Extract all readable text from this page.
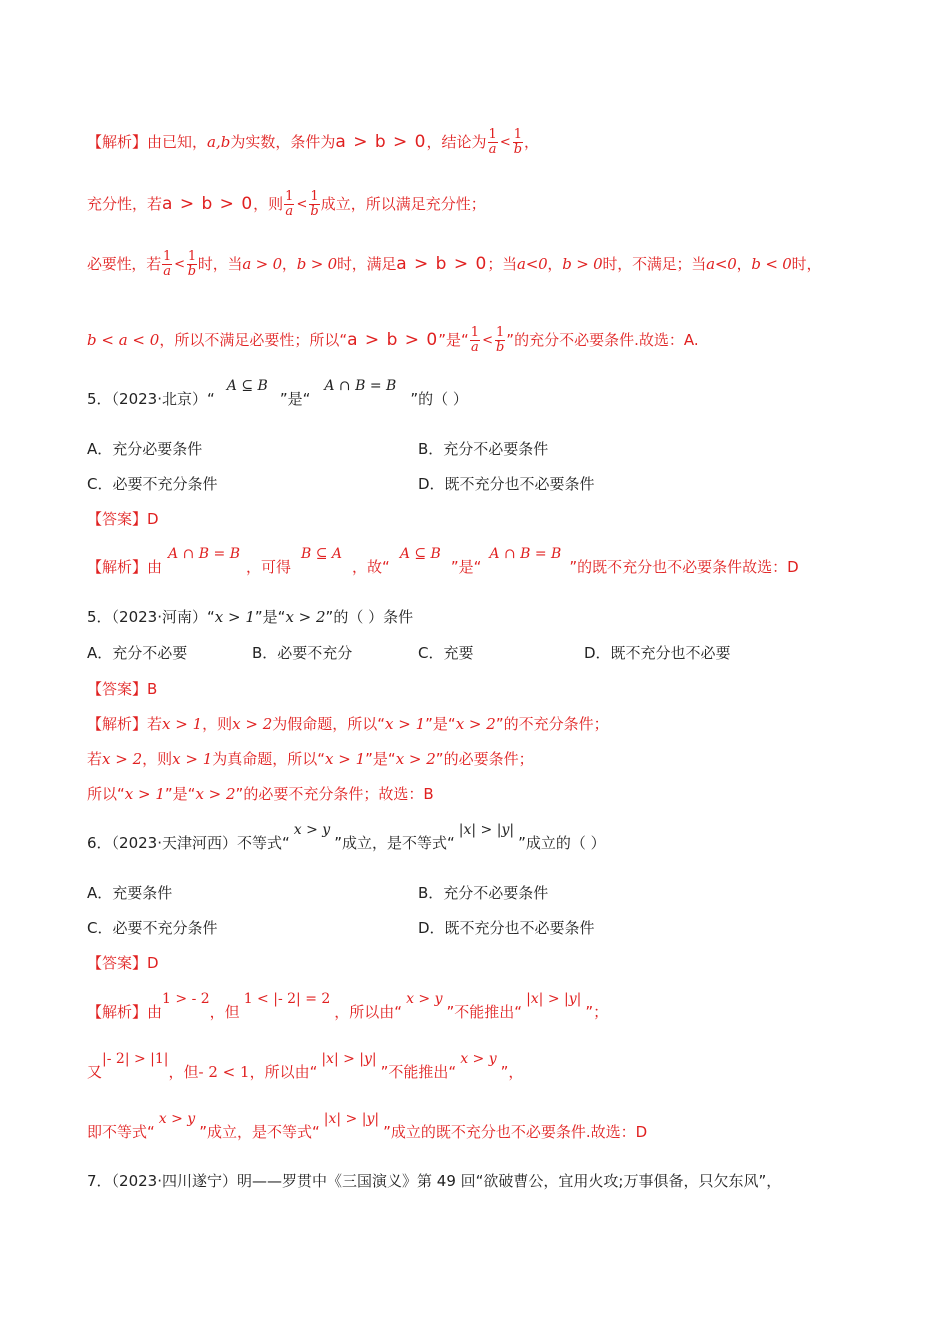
【解析】由已知，a,b为实数，条件为a > b > 0，结论为 $\frac{1}{a} < \frac{1}{b}$ ，
充分性，若a > b > 0，则 $\frac{1}{a} < \frac{1}{b}$ 成立，所以满足充分性；
必要性，若 $\frac{1}{a} < \frac{1}{b}$ 时，当a > 0，b > 0时，满足a > b > 0；当a<0，b > 0时，不满足；当a<0，b < 0时，
b < a < 0，所以不满足必要性；所以“a > b > 0”是“ $\frac{1}{a} < \frac{1}{b}$ ”的充分不必要条件.故选：A.
5．（2023·北京）“A ⊆ B”是“A ∩ B = B”的（ ）
A．充分必要条件	B．充分不必要条件
C．必要不充分条件	D．既不充分也不必要条件
【答案】D
【解析】由A ∩ B = B，可得B ⊆ A，故“A ⊆ B”是“A ∩ B = B”的既不充分也不必要条件故选：D
5．（2023·河南）“x > 1”是“x > 2”的（ ）条件
A．充分不必要	B．必要不充分	C．充要	D．既不充分也不必要
【答案】B
【解析】若x > 1，则x > 2为假命题，所以“x > 1”是“x > 2”的不充分条件；
若x > 2，则x > 1为真命题，所以“x > 1”是“x > 2”的必要条件；
所以“x > 1”是“x > 2”的必要不充分条件；故选：B
6．（2023·天津河西）不等式“x > y”成立，是不等式“|x| > |y|”成立的（ ）
A．充要条件	B．充分不必要条件
C．必要不充分条件	D．既不充分也不必要条件
【答案】D
【解析】由1 > - 2，但1 < |- 2| = 2，所以由“x > y”不能推出“|x| > |y|”；
又|- 2| > |1|，但- 2 < 1，所以由“|x| > |y|”不能推出“x > y”，
即不等式“x > y”成立，是不等式“|x| > |y|”成立的既不充分也不必要条件.故选：D
7．（2023·四川遂宁）明——罗贯中《三国演义》第 49 回“欲破曹公，宜用火攻;万事俱备，只欠东风”，
